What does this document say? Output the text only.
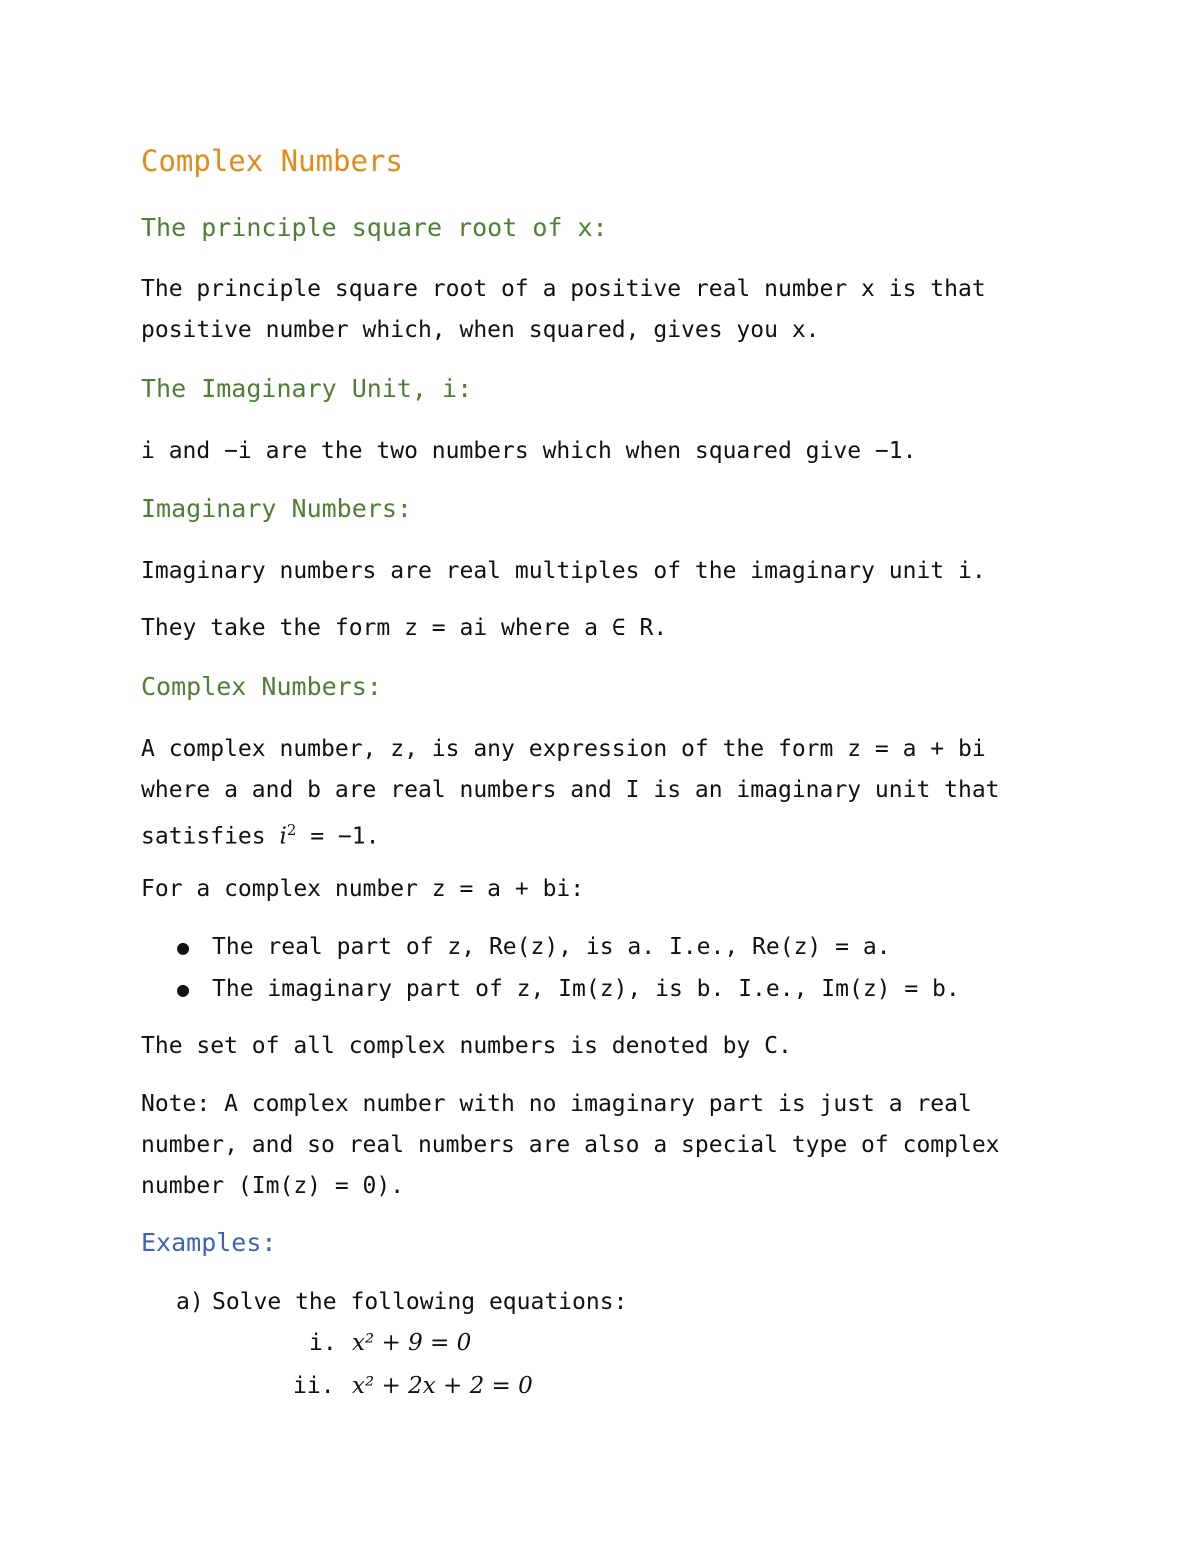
Complex Numbers
The principle square root of x:
The principle square root of a positive real number x is that
positive number which, when squared, gives you x.
The Imaginary Unit, i:
i and −i are the two numbers which when squared give −1.
Imaginary Numbers:
Imaginary numbers are real multiples of the imaginary unit i.
They take the form z = ai where a ∈ R.
Complex Numbers:
A complex number, z, is any expression of the form z = a + bi
where a and b are real numbers and I is an imaginary unit that
satisfies $i^2 = -1$.
For a complex number z = a + bi:
● The real part of z, Re(z), is a. I.e., Re(z) = a.
● The imaginary part of z, Im(z), is b. I.e., Im(z) = b.
The set of all complex numbers is denoted by C.
Note: A complex number with no imaginary part is just a real
number, and so real numbers are also a special type of complex
number (Im(z) = 0).
Examples:
a) Solve the following equations:
i. x² + 9 = 0
ii. x² + 2x + 2 = 0
